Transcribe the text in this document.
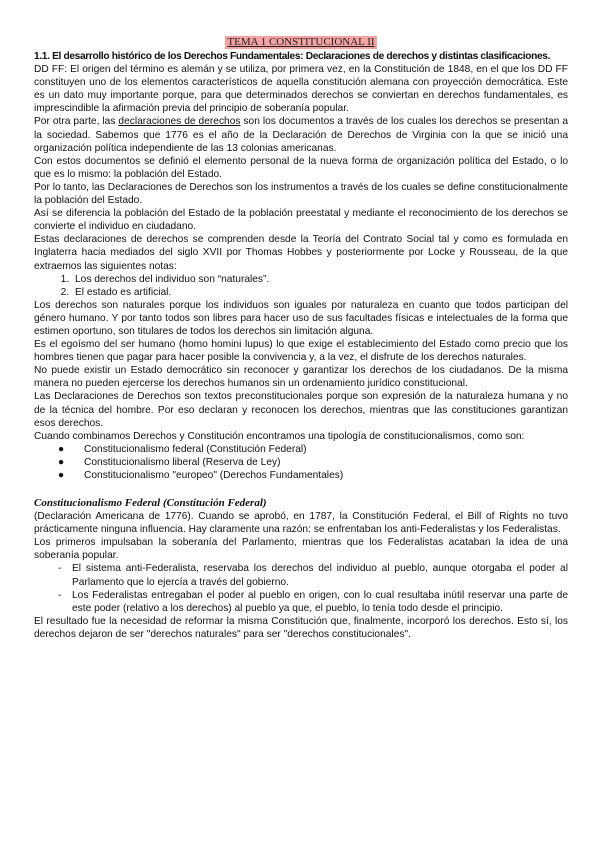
TEMA 1 CONSTITUCIONAL II

1.1. El desarrollo histórico de los Derechos Fundamentales: Declaraciones de derechos y distintas clasificaciones.

DD FF: El origen del término es alemán y se utiliza, por primera vez, en la Constitución de 1848, en el que los DD FF constituyen uno de los elementos característicos de aquella constitución alemana con proyección democrática. Este es un dato muy importante porque, para que determinados derechos se conviertan en derechos fundamentales, es imprescindible la afirmación previa del principio de soberanía popular.

Por otra parte, las declaraciones de derechos son los documentos a través de los cuales los derechos se presentan a la sociedad. Sabemos que 1776 es el año de la Declaración de Derechos de Virginia con la que se inició una organización política independiente de las 13 colonias americanas.

Con estos documentos se definió el elemento personal de la nueva forma de organización política del Estado, o lo que es lo mismo: la población del Estado.

Por lo tanto, las Declaraciones de Derechos son los instrumentos a través de los cuales se define constitucionalmente la población del Estado.

Así se diferencia la población del Estado de la población preestatal y mediante el reconocimiento de los derechos se convierte el individuo en ciudadano.

Estas declaraciones de derechos se comprenden desde la Teoría del Contrato Social tal y como es formulada en Inglaterra hacia mediados del siglo XVII por Thomas Hobbes y posteriormente por Locke y Rousseau, de la que extraemos las siguientes notas:

1. Los derechos del individuo son “naturales”.
2. El estado es artificial.

Los derechos son naturales porque los individuos son iguales por naturaleza en cuanto que todos participan del género humano. Y por tanto todos son libres para hacer uso de sus facultades físicas e intelectuales de la forma que estimen oportuno, son titulares de todos los derechos sin limitación alguna.

Es el egoísmo del ser humano (homo homini lupus) lo que exige el establecimiento del Estado como precio que los hombres tienen que pagar para hacer posible la convivencia y, a la vez, el disfrute de los derechos naturales.

No puede existir un Estado democrático sin reconocer y garantizar los derechos de los ciudadanos. De la misma manera no pueden ejercerse los derechos humanos sin un ordenamiento jurídico constitucional.

Las Declaraciones de Derechos son textos preconstitucionales porque son expresión de la naturaleza humana y no de la técnica del hombre. Por eso declaran y reconocen los derechos, mientras que las constituciones garantizan esos derechos.

Cuando combinamos Derechos y Constitución encontramos una tipología de constitucionalismos, como son:

● Constitucionalismo federal (Constitución Federal)
● Constitucionalismo liberal (Reserva de Ley)
● Constitucionalismo "europeo" (Derechos Fundamentales)

Constitucionalismo Federal (Constitución Federal)

(Declaración Americana de 1776). Cuando se aprobó, en 1787, la Constitución Federal, el Bill of Rights no tuvo prácticamente ninguna influencia. Hay claramente una razón: se enfrentaban los anti-Federalistas y los Federalistas.

Los primeros impulsaban la soberanía del Parlamento, mientras que los Federalistas acataban la idea de una soberanía popular.

- El sistema anti-Federalista, reservaba los derechos del individuo al pueblo, aunque otorgaba el poder al Parlamento que lo ejercía a través del gobierno.
- Los Federalistas entregaban el poder al pueblo en origen, con lo cual resultaba inútil reservar una parte de este poder (relativo a los derechos) al pueblo ya que, el pueblo, lo tenía todo desde el principio.

El resultado fue la necesidad de reformar la misma Constitución que, finalmente, incorporó los derechos. Esto sí, los derechos dejaron de ser "derechos naturales" para ser "derechos constitucionales".
